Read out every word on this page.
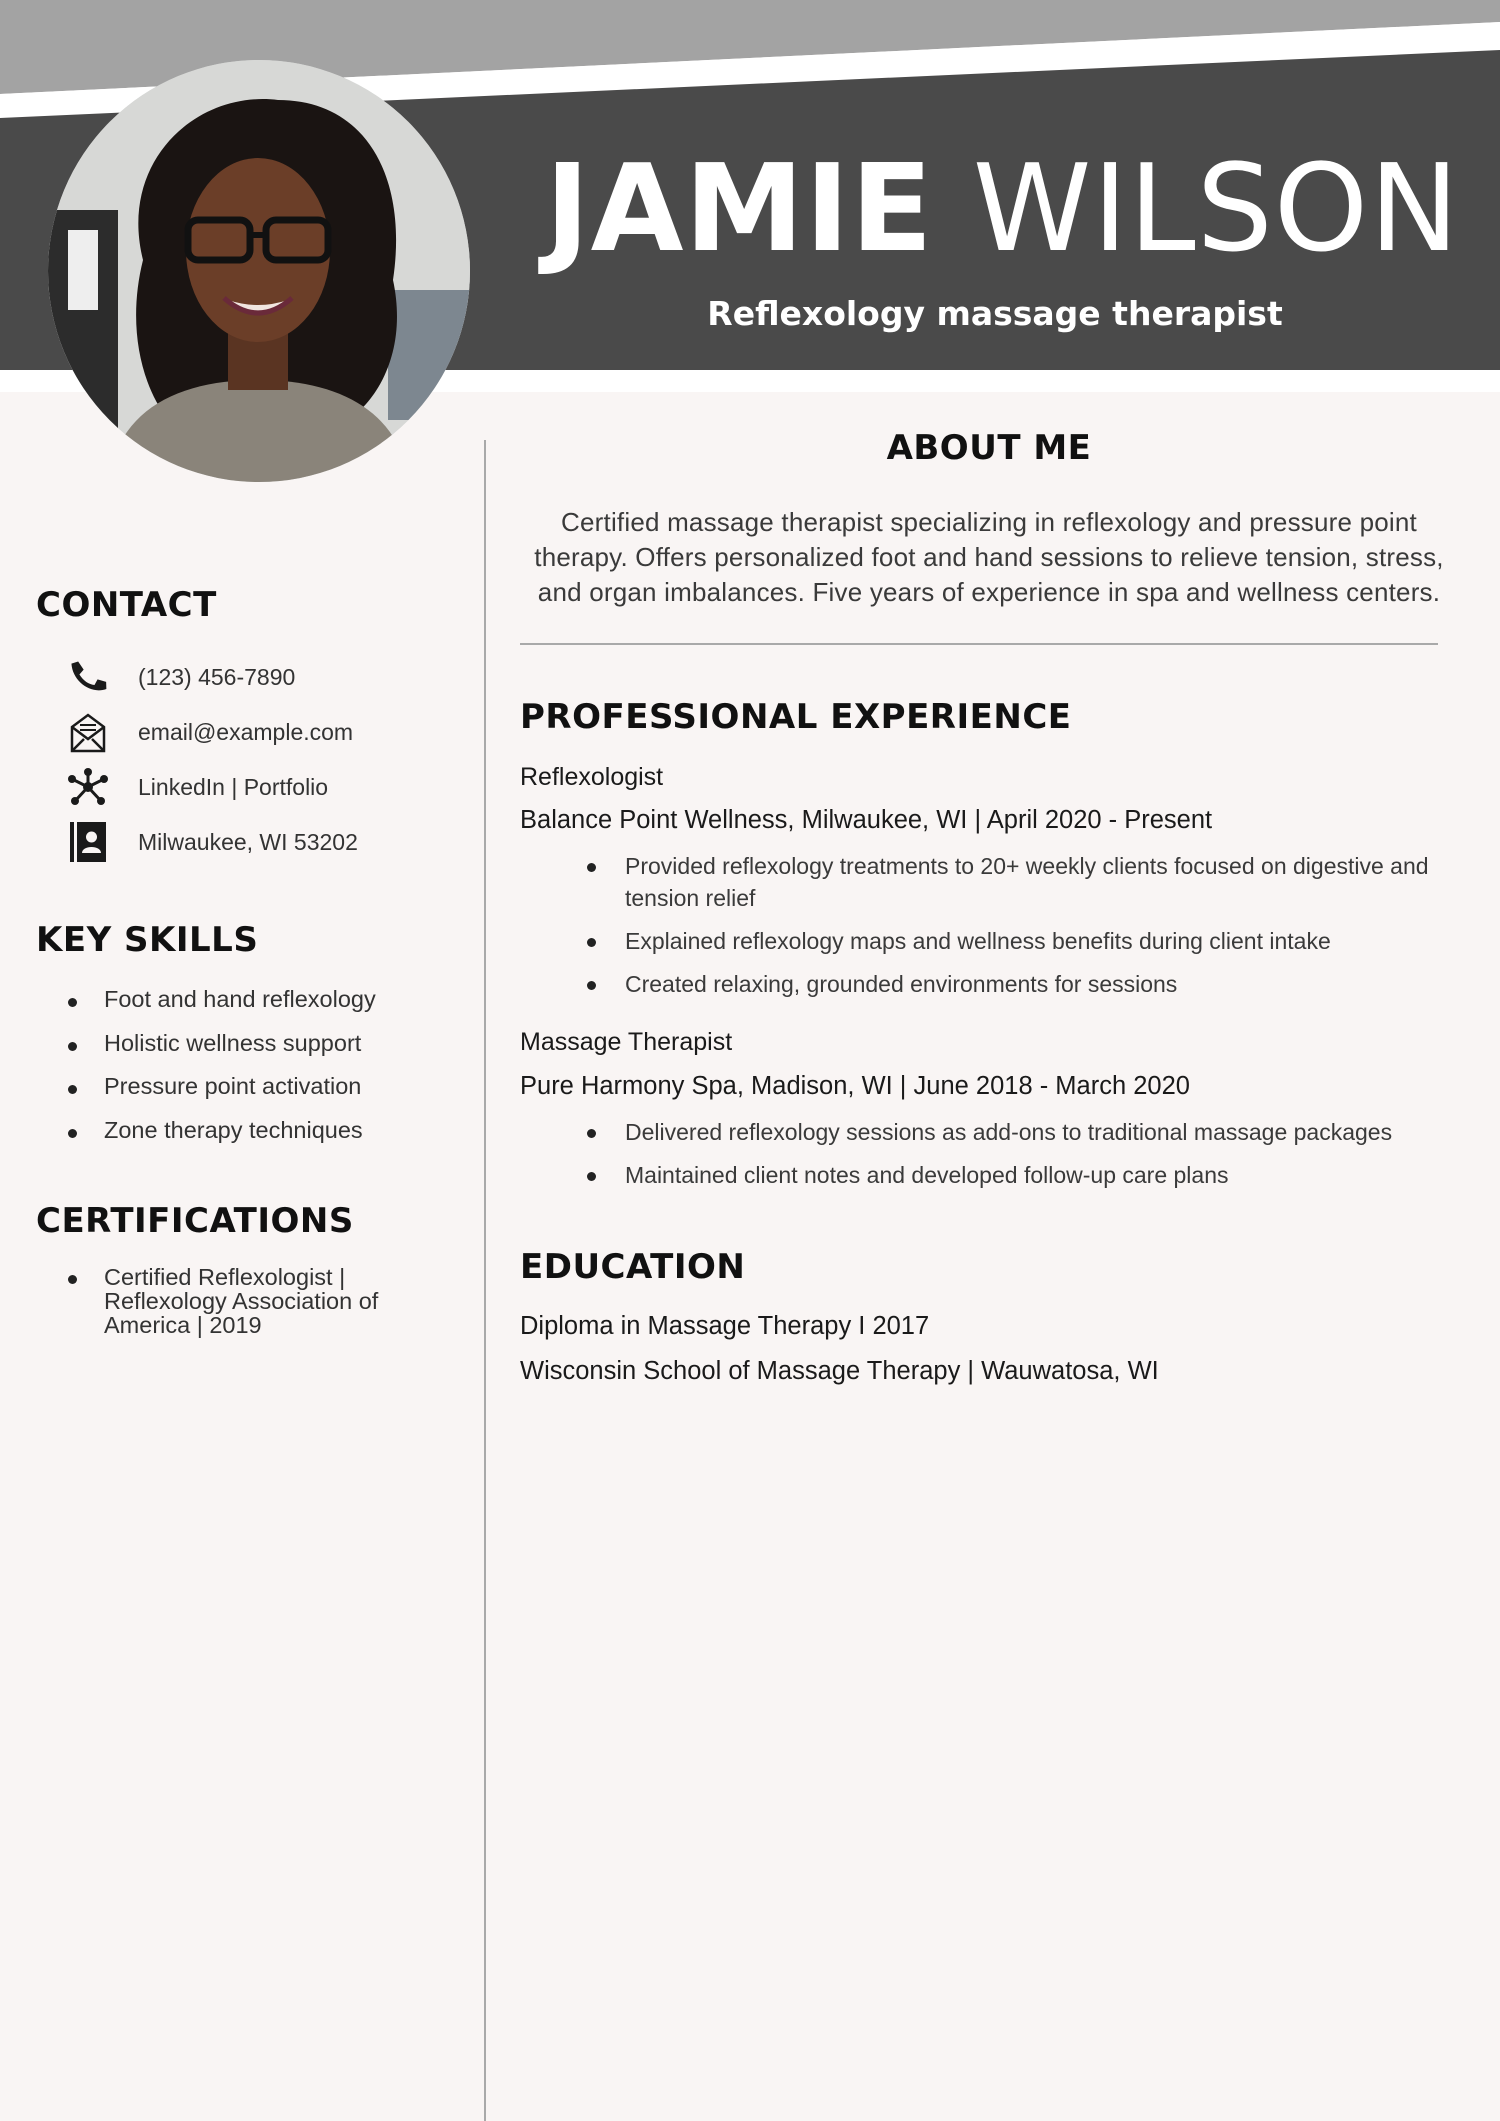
JAMIE WILSON
Reflexology massage therapist
CONTACT
(123) 456-7890
email@example.com
LinkedIn | Portfolio
Milwaukee, WI 53202
KEY SKILLS
Foot and hand reflexology
Holistic wellness support
Pressure point activation
Zone therapy techniques
CERTIFICATIONS
Certified Reflexologist | Reflexology Association of America | 2019
ABOUT ME
Certified massage therapist specializing in reflexology and pressure point therapy. Offers personalized foot and hand sessions to relieve tension, stress, and organ imbalances. Five years of experience in spa and wellness centers.
PROFESSIONAL EXPERIENCE
Reflexologist
Balance Point Wellness, Milwaukee, WI | April 2020 - Present
Provided reflexology treatments to 20+ weekly clients focused on digestive and tension relief
Explained reflexology maps and wellness benefits during client intake
Created relaxing, grounded environments for sessions
Massage Therapist
Pure Harmony Spa, Madison, WI | June 2018 - March 2020
Delivered reflexology sessions as add-ons to traditional massage packages
Maintained client notes and developed follow-up care plans
EDUCATION
Diploma in Massage Therapy I 2017
Wisconsin School of Massage Therapy | Wauwatosa, WI
